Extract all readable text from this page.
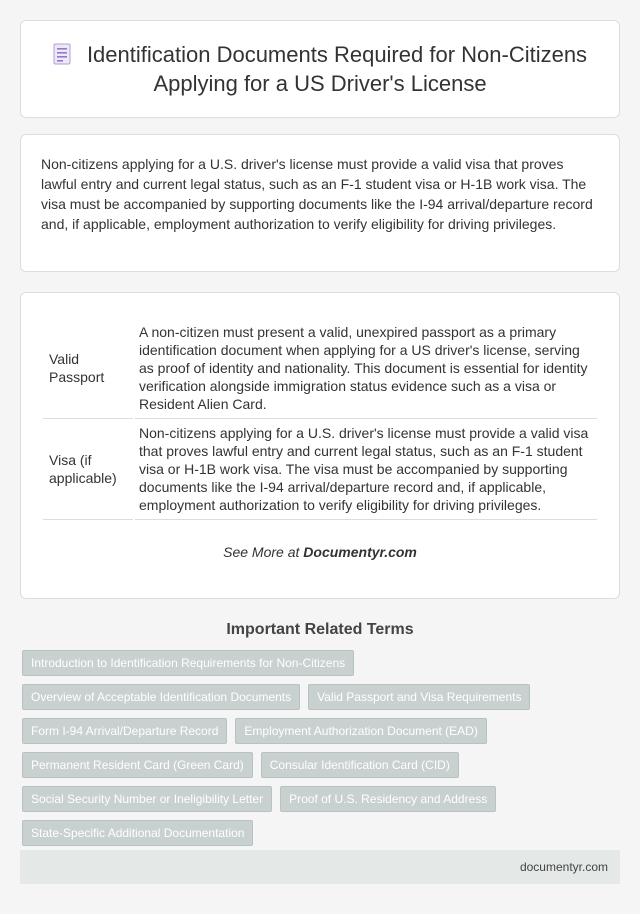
Identification Documents Required for Non-Citizens Applying for a US Driver's License

Non-citizens applying for a U.S. driver's license must provide a valid visa that proves lawful entry and current legal status, such as an F-1 student visa or H-1B work visa. The visa must be accompanied by supporting documents like the I-94 arrival/departure record and, if applicable, employment authorization to verify eligibility for driving privileges.

Valid Passport	A non-citizen must present a valid, unexpired passport as a primary identification document when applying for a US driver's license, serving as proof of identity and nationality. This document is essential for identity verification alongside immigration status evidence such as a visa or Resident Alien Card.
Visa (if applicable)	Non-citizens applying for a U.S. driver's license must provide a valid visa that proves lawful entry and current legal status, such as an F-1 student visa or H-1B work visa. The visa must be accompanied by supporting documents like the I-94 arrival/departure record and, if applicable, employment authorization to verify eligibility for driving privileges.

See More at Documentyr.com

Important Related Terms
Introduction to Identification Requirements for Non-Citizens
Overview of Acceptable Identification Documents	Valid Passport and Visa Requirements
Form I-94 Arrival/Departure Record	Employment Authorization Document (EAD)
Permanent Resident Card (Green Card)	Consular Identification Card (CID)
Social Security Number or Ineligibility Letter	Proof of U.S. Residency and Address
State-Specific Additional Documentation
documentyr.com
